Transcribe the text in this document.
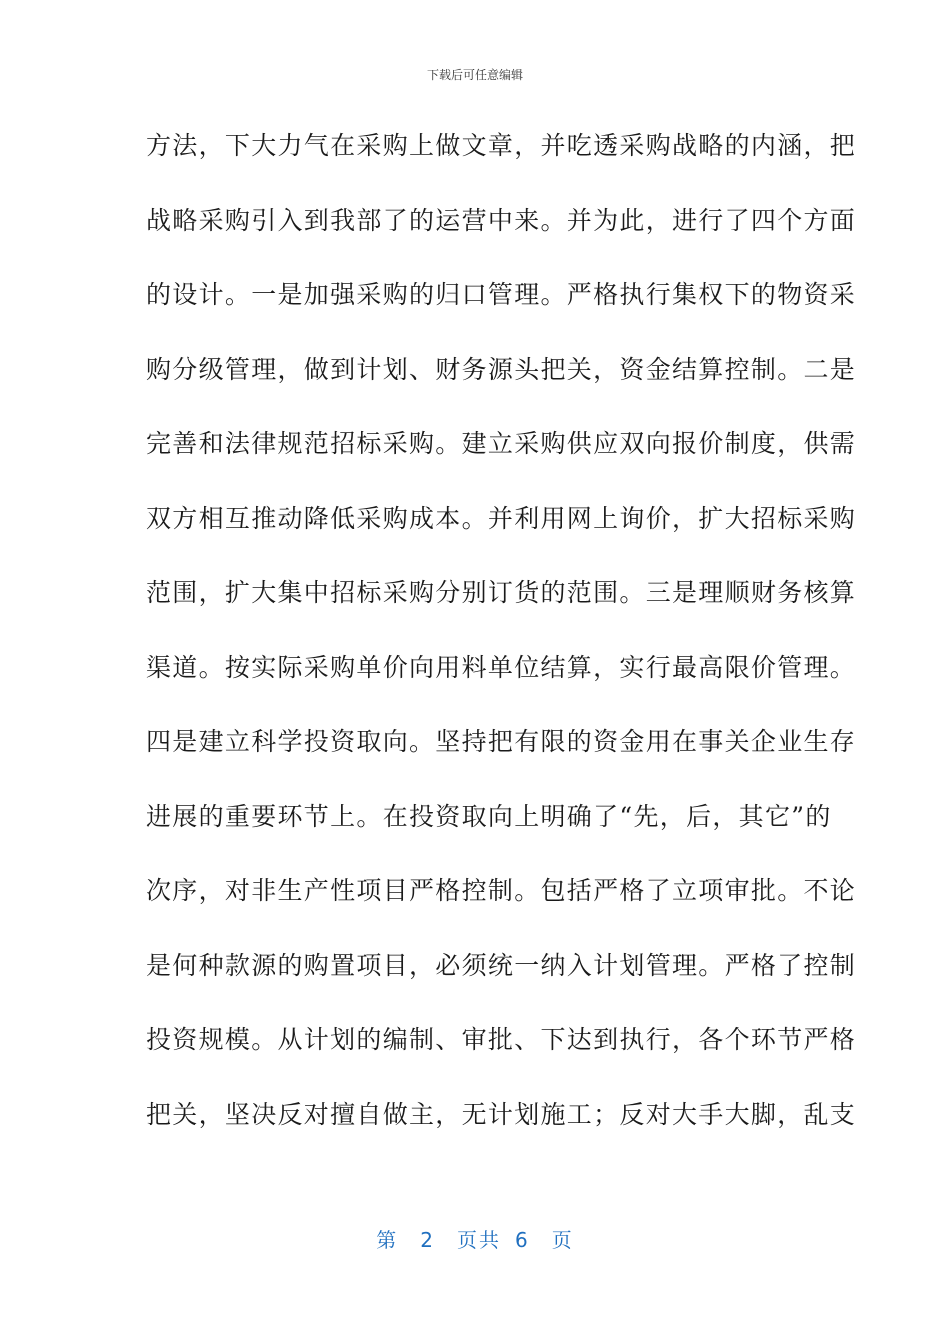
下载后可任意编辑
方法，下大力气在采购上做文章，并吃透采购战略的内涵，把
战略采购引入到我部了的运营中来。并为此，进行了四个方面
的设计。一是加强采购的归口管理。严格执行集权下的物资采
购分级管理，做到计划、财务源头把关，资金结算控制。二是
完善和法律规范招标采购。建立采购供应双向报价制度，供需
双方相互推动降低采购成本。并利用网上询价，扩大招标采购
范围，扩大集中招标采购分别订货的范围。三是理顺财务核算
渠道。按实际采购单价向用料单位结算，实行最高限价管理。
四是建立科学投资取向。坚持把有限的资金用在事关企业生存
进展的重要环节上。在投资取向上明确了“先，后，其它”的
次序，对非生产性项目严格控制。包括严格了立项审批。不论
是何种款源的购置项目，必须统一纳入计划管理。严格了控制
投资规模。从计划的编制、审批、下达到执行，各个环节严格
把关，坚决反对擅自做主，无计划施工；反对大手大脚，乱支
第 2 页共 6 页
